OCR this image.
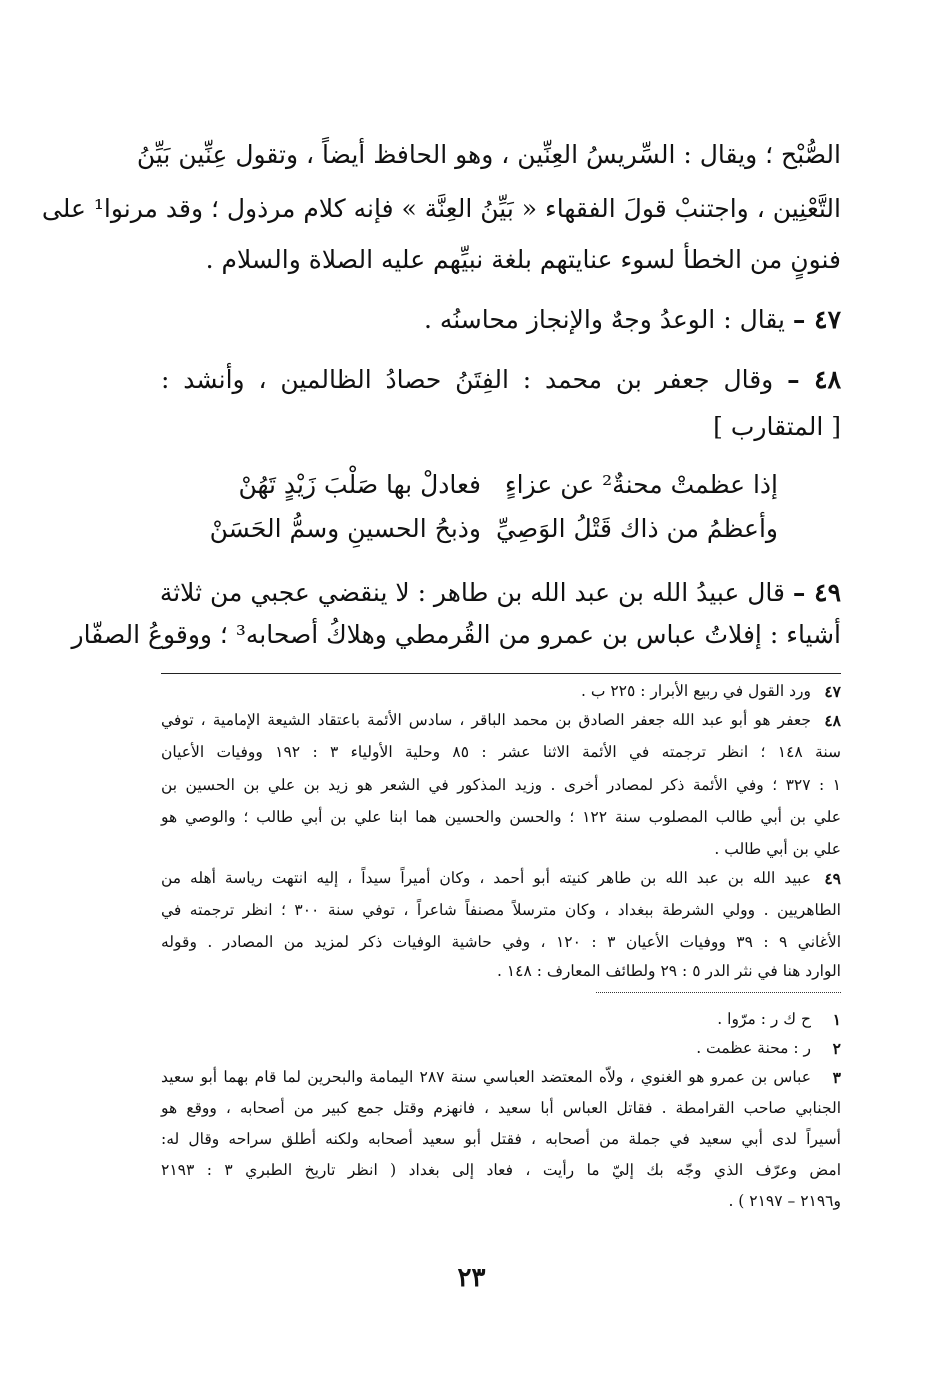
الصُّبْح ؛ ويقال : السِّريسُ العِنِّين ، وهو الحافظ أيضاً ، وتقول عِنِّين بَيِّنُ
التَّعْنِين ، واجتنبْ قولَ الفقهاء « بَيِّنُ العِنَّة » فإنه كلام مرذول ؛ وقد مرنوا¹ على
فنونٍ من الخطأ لسوء عنايتهم بلغة نبيِّهم عليه الصلاة والسلام .
٤٧ – يقال : الوعدُ وجهٌ والإنجاز محاسنُه .
٤٨ – وقال جعفر بن محمد : الفِتَنُ حصادُ الظالمين ، وأنشد :
[ المتقارب ]
٤٩ – قال عبيدُ الله بن عبد الله بن طاهر : لا ينقضي عجبي من ثلاثة
أشياء : إفلاتُ عباس بن عمرو من القُرمطي وهلاكُ أصحابه³ ؛ ووقوعُ الصفّار
إذا عظمتْ محنةٌ² عن عزاءٍ
فعادلْ بها صَلْبَ زَيْدٍ تَهُنْ
وأعظمُ من ذاك قَتْلُ الوَصِيِّ
وذبحُ الحسينِ وسمُّ الحَسَنْ
٤٧
ورد القول في ربيع الأبرار : ٢٢٥ ب .
٤٨
جعفر هو أبو عبد الله جعفر الصادق بن محمد الباقر ، سادس الأئمة باعتقاد الشيعة الإمامية ، توفي
سنة ١٤٨ ؛ انظر ترجمته في الأئمة الاثنا عشر : ٨٥ وحلية الأولياء ٣ : ١٩٢ ووفيات الأعيان
١ : ٣٢٧ ؛ وفي الأئمة ذكر لمصادر أخرى . وزيد المذكور في الشعر هو زيد بن علي بن الحسين بن
علي بن أبي طالب المصلوب سنة ١٢٢ ؛ والحسن والحسين هما ابنا علي بن أبي طالب ؛ والوصي هو
علي بن أبي طالب .
٤٩
عبيد الله بن عبد الله بن طاهر كنيته أبو أحمد ، وكان أميراً سيداً ، إليه انتهت رياسة أهله من
الطاهريين . وولي الشرطة ببغداد ، وكان مترسلاً مصنفاً شاعراً ، توفي سنة ٣٠٠ ؛ انظر ترجمته في
الأغاني ٩ : ٣٩ ووفيات الأعيان ٣ : ١٢٠ ، وفي حاشية الوفيات ذكر لمزيد من المصادر . وقوله
الوارد هنا في نثر الدر ٥ : ٢٩ ولطائف المعارف : ١٤٨ .
١
ح ك ر : مرّوا .
٢
ر : محنة عظمت .
٣
عباس بن عمرو هو الغنوي ، ولاّه المعتضد العباسي سنة ٢٨٧ اليمامة والبحرين لما قام بهما أبو سعيد
الجنابي صاحب القرامطة . فقاتل العباس أبا سعيد ، فانهزم وقتل جمع كبير من أصحابه ، ووقع هو
أسيراً لدى أبي سعيد في جملة من أصحابه ، فقتل أبو سعيد أصحابه ولكنه أطلق سراحه وقال له:
امض وعرّف الذي وجّه بك إليّ ما رأيت ، فعاد إلى بغداد ( انظر تاريخ الطبري ٣ : ٢١٩٣
و٢١٩٦ – ٢١٩٧ ) .
٢٣
